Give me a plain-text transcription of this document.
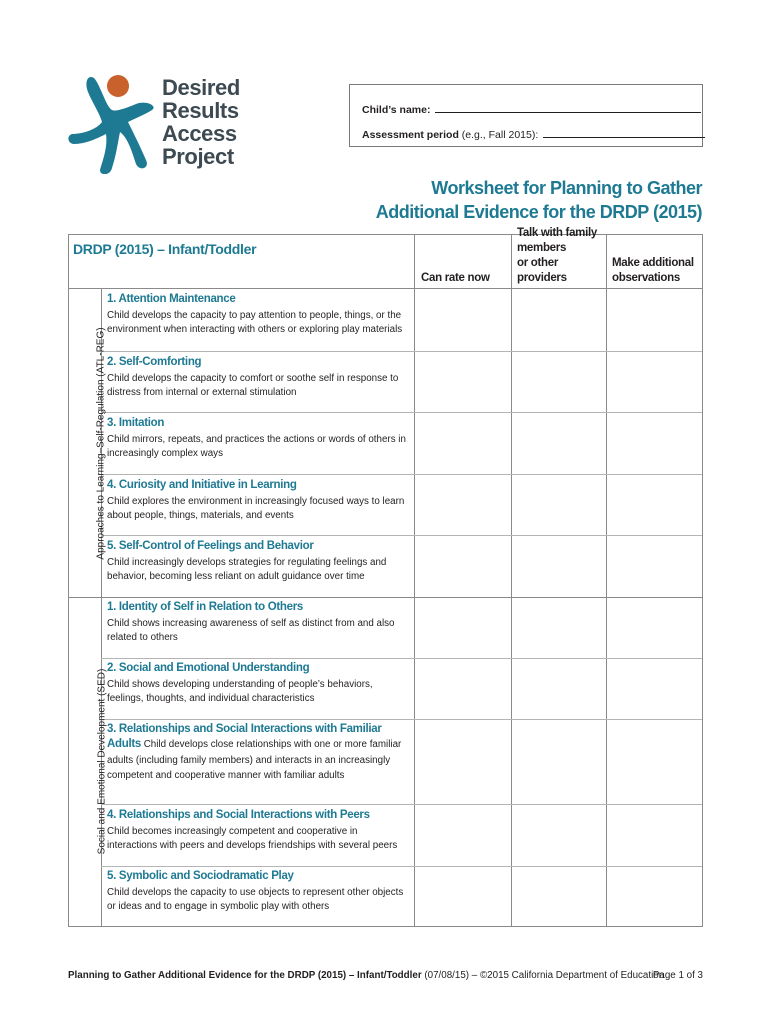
Desired
Results
Access
Project
Child’s name:
Assessment period (e.g., Fall 2015):
Worksheet for Planning to Gather
Additional Evidence for the DRDP (2015)
DRDP (2015) – Infant/Toddler
Can rate now
Talk with family
members
or other providers
Make additional
observations
Approaches to Learning–Self-Regulation (ATL-REG)
Social and Emotional Development (SED)
1. Attention Maintenance
Child develops the capacity to pay attention to people, things, or the environment when interacting with others or exploring play materials
2. Self-Comforting
Child develops the capacity to comfort or soothe self in response to distress from internal or external stimulation
3. Imitation
Child mirrors, repeats, and practices the actions or words of others in increasingly complex ways
4. Curiosity and Initiative in Learning
Child explores the environment in increasingly focused ways to learn about people, things, materials, and events
5. Self-Control of Feelings and Behavior
Child increasingly develops strategies for regulating feelings and behavior, becoming less reliant on adult guidance over time
1. Identity of Self in Relation to Others
Child shows increasing awareness of self as distinct from and also related to others
2. Social and Emotional Understanding
Child shows developing understanding of people’s behaviors, feelings, thoughts, and individual characteristics
3. Relationships and Social Interactions with Familiar
Adults Child develops close relationships with one or more familiar adults (including family members) and interacts in an increasingly competent and cooperative manner with familiar adults
4. Relationships and Social Interactions with Peers
Child becomes increasingly competent and cooperative in interactions with peers and develops friendships with several peers
5. Symbolic and Sociodramatic Play
Child develops the capacity to use objects to represent other objects or ideas and to engage in symbolic play with others
Planning to Gather Additional Evidence for the DRDP (2015) – Infant/Toddler (07/08/15) – ©2015 California Department of Education
Page 1 of 3
